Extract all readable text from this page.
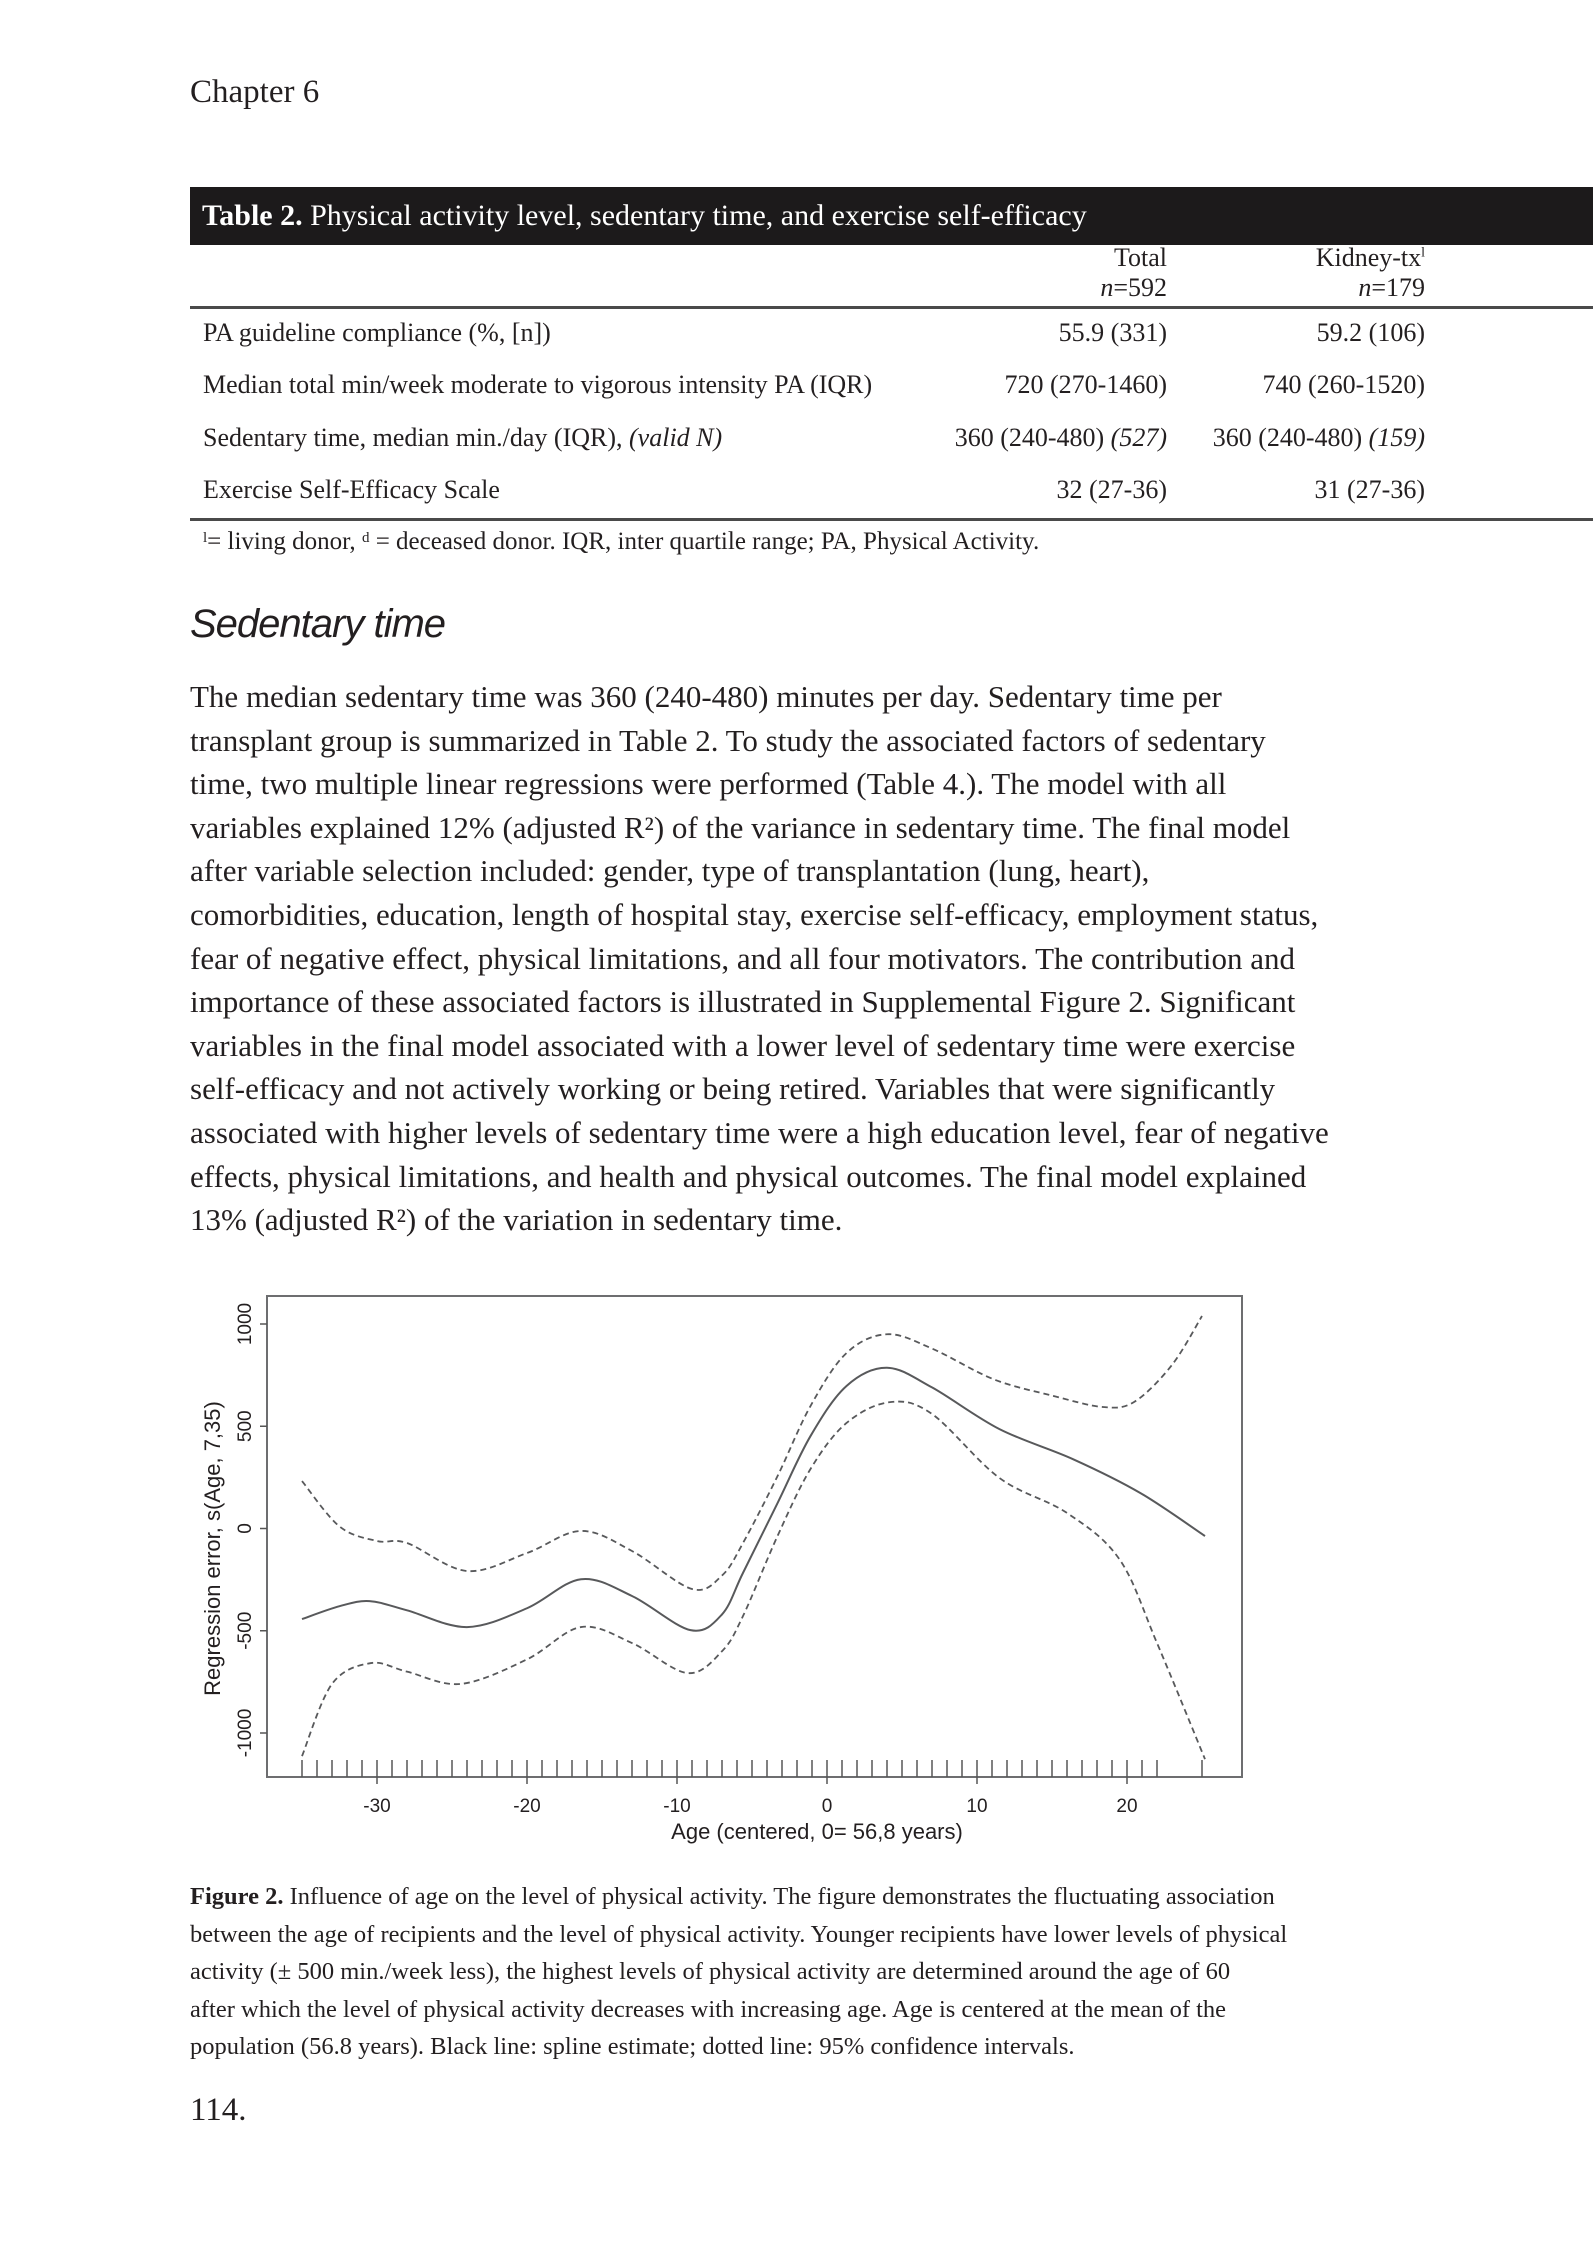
Chapter 6
Table 2. Physical activity level, sedentary time, and exercise self-efficacy
Total
n=592
Kidney-$tx^l$
n=179
PA guideline compliance (%, [n])	55.9 (331)	59.2 (106)
Median total min/week moderate to vigorous intensity PA (IQR)	720 (270-1460)	740 (260-1520)
Sedentary time, median min./day (IQR), (valid N)	360 (240-480) (527)	360 (240-480) (159)
Exercise Self-Efficacy Scale	32 (27-36)	31 (27-36)
$^l$= living donor, $^d$ = deceased donor. IQR, inter quartile range; PA, Physical Activity.
Sedentary time

The median sedentary time was 360 (240-480) minutes per day. Sedentary time per

transplant group is summarized in Table 2. To study the associated factors of sedentary

time, two multiple linear regressions were performed (Table 4.). The model with all

variables explained 12% (adjusted R²) of the variance in sedentary time. The final model

after variable selection included: gender, type of transplantation (lung, heart),

comorbidities, education, length of hospital stay, exercise self-efficacy, employment status,

fear of negative effect, physical limitations, and all four motivators. The contribution and

importance of these associated factors is illustrated in Supplemental Figure 2. Significant

variables in the final model associated with a lower level of sedentary time were exercise

self-efficacy and not actively working or being retired. Variables that were significantly

associated with higher levels of sedentary time were a high education level, fear of negative

effects, physical limitations, and health and physical outcomes. The final model explained

13% (adjusted R²) of the variation in sedentary time.

-30	-20	-10	0	10	20
-1000
-500
0
500
1000
Age (centered, 0= 56,8 years)
Regression error, s(Age, 7,35)

Figure 2. Influence of age on the level of physical activity. The figure demonstrates the fluctuating association

between the age of recipients and the level of physical activity. Younger recipients have lower levels of physical

activity (± 500 min./week less), the highest levels of physical activity are determined around the age of 60

after which the level of physical activity decreases with increasing age. Age is centered at the mean of the

population (56.8 years). Black line: spline estimate; dotted line: 95% confidence intervals.

114.
